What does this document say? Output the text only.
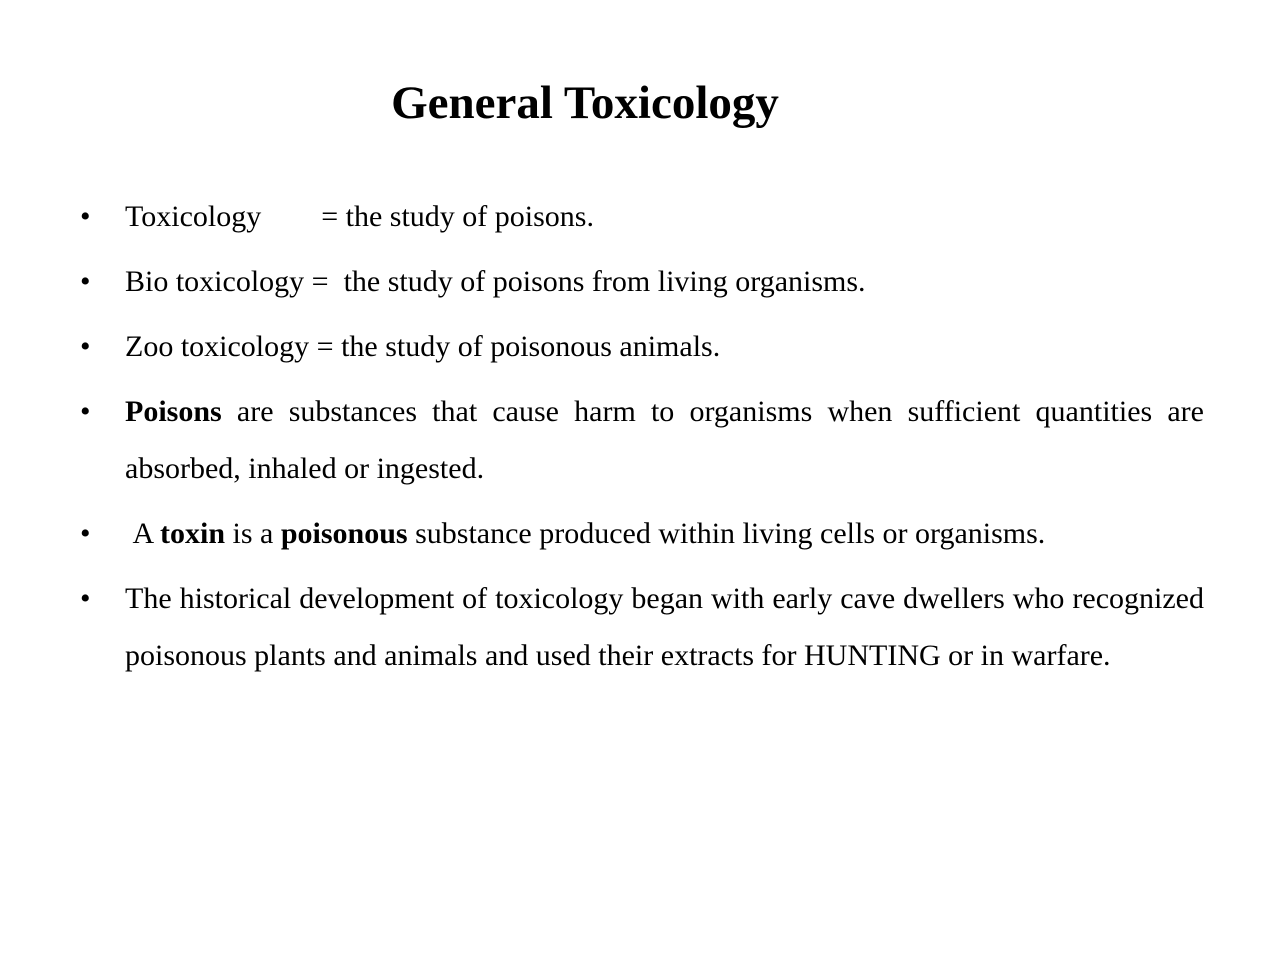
General Toxicology
• Toxicology        = the study of poisons.
• Bio toxicology =  the study of poisons from living organisms.
• Zoo toxicology = the study of poisonous animals.
• Poisons are substances that cause harm to organisms when sufficient quantities are absorbed, inhaled or ingested.
• A toxin is a poisonous substance produced within living cells or organisms.
• The historical development of toxicology began with early cave dwellers who recognized poisonous plants and animals and used their extracts for HUNTING or in warfare.
